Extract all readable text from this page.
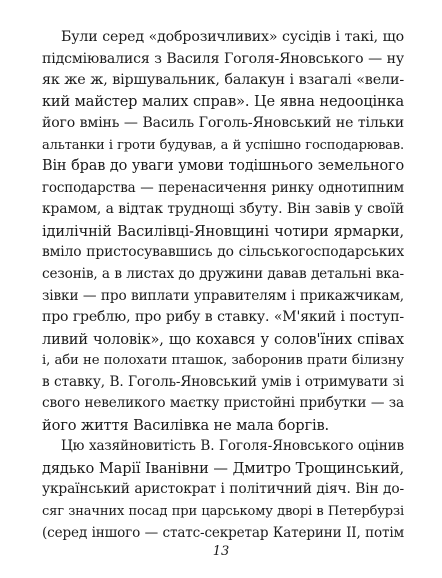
Були серед «доброзичливих» сусідів і такі, що
підсміювалися з Василя Гоголя-Яновського — ну
як же ж, віршувальник, балакун і взагалі «вели-
кий майстер малих справ». Це явна недооцінка
його вмінь — Василь Гоголь-Яновський не тільки
альтанки і гроти будував, а й успішно господарював.
Він брав до уваги умови тодішнього земельного
господарства — перенасичення ринку однотипним
крамом, а відтак труднощі збуту. Він завів у своїй
ідилічній Василівці-Яновщині чотири ярмарки,
вміло пристосувавшись до сільськогосподарських
сезонів, а в листах до дружини давав детальні вка-
зівки — про виплати управителям і прикажчикам,
про греблю, про рибу в ставку. «М'який і поступ-
ливий чоловік», що кохався у солов'їних співах
і, аби не полохати пташок, заборонив прати білизну
в ставку, В. Гоголь-Яновський умів і отримувати зі
свого невеликого маєтку пристойні прибутки — за
його життя Василівка не мала боргів.
Цю хазяйновитість В. Гоголя-Яновського оцінив
дядько Марії Іванівни — Дмитро Трощинський,
український аристократ і політичний діяч. Він до-
сяг значних посад при царському дворі в Петербурзі
(серед іншого — статс-секретар Катерини II, потім
13
